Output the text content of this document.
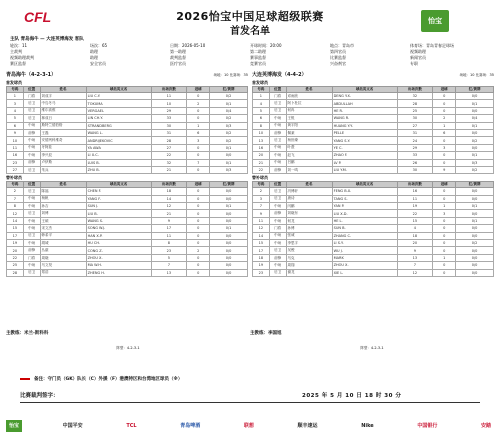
CFL	2026怡宝中国足球超级联赛
首发名单
怡宝
主队 青岛海牛 — 大连英博海发 客队
轮次：11	场次：65	日期：2026-05-10	开球时间：20:00	地点：青岛市	体育场：青岛青春足球场
主裁判	助理	第一助理	第二助理	第四官员	视频助理
视频助理裁判	助理	裁判监督	赛事监督	比赛监督	新闻官员
赛区监督	安全官员	医疗官员	竞赛官员	兴奋剂官	专职
青岛海牛（4-2-3-1）	场地：10 比赛场：35
首发球员
号码	位置	姓名	球员英文名	出场次数	进球	红/黄牌
1	门将	刘成宇	LIU C.Y.	11	0	0/2
3	后卫	中岛冬马	TOKUMA	10	2	0/1
4	后卫	维尔高维	VERGAEL	29	0	0/4
5	后卫	林成日	LIN CH.Y.	33	0	0/2
6	中场	斯特兰德伯格	STRANDBERG	30	1	0/3
9	前锋	王磊	WANG L.	31	6	0/2
10	中场	安德列科维奇	ANDRIJEKOVIC	28	3	0/2
11	中场	牙阿娃	YA AWA	27	0	0/1
16	中场	李兴辰	LI X.C.	22	0	0/0
23	前锋	卢伊斯	LUIS B.	32	7	0/1
27	后卫	朱兵	ZHU B.	21	0	0/3
替补球员
号码	位置	姓名	球员英文名	出场次数	进球	红/黄牌
2	后卫	陈福	CHEN F.	18	0	0/0
7	中场	杨帆	YANG F.	14	0	0/0
8	中场	孙吉	SUN J.	12	0	0/1
12	后卫	刘博	LIU B.	21	0	0/0
14	中场	王硕	WANG S.	9	0	0/0
15	中场	宋文杰	SONG W.J.	17	0	0/1
17	后卫	韩希平	HAN X.P.	11	0	0/0
19	中场	胡城	HU CH.	8	0	0/0
20	前锋	丛湛	CONG Z.	23	2	0/0
22	门将	周晓	ZHOU X.	5	0	0/0
25	中场	马文昊	MA W.H.	7	0	0/0
28	后卫	郑浩	ZHENG H.	13	0	0/0
大连英博海发（4-4-2）	场地：10 比赛场：35
首发球员
号码	位置	姓名	球员英文名	出场次数	进球	红/黄牌
1	门将	邓雨欣	DENG Y.X.	32	0	0/0
4	后卫	阿卜杜拉	ABDULLAH	28	0	0/1
5	后卫	何冉	HE R.	25	0	0/0
6	中场	王锐	WANG R.	30	2	0/4
8	中场	黄宇阳	HUANG Y.Y.	27	1	0/1
10	前锋	佩莱	PELLE	31	6	0/0
13	后卫	杨世缘	YANG S.Y.	24	0	0/2
16	中场	叶澄	YE C.	29	3	0/0
20	中场	赵飞	ZHAO F.	33	0	0/1
21	中场	吕鹏	LV P.	26	0	0/3
22	前锋	刘一鸣	LIU Y.M.	30	9	0/2
替补球员
号码	位置	姓名	球员英文名	出场次数	进球	红/黄牌
2	后卫	冯博轩	FENG B.X.	16	0	0/0
3	后卫	唐诗	TANG S.	11	0	0/0
7	中场	闫鹏	YAN P.	19	1	0/1
9	前锋	刘晓东	LIU X.D.	22	3	0/0
11	中场	何龙	HE L.	15	0	0/1
12	门将	孙博	SUN B.	4	0	0/0
14	中场	张诚	ZHANG C.	18	0	0/0
15	中场	李思宇	LI S.Y.	20	0	0/2
17	后卫	吴俊	WU J.	9	0	0/0
18	前锋	马克	MARK	13	1	0/0
19	中场	周翔	ZHOU X.	7	0	0/0
23	后卫	谢龙	XIE L.	12	0	0/0
主教练：米兰-斯科科	主教练：李国旭
阵型：4-2-3-1	阵型：4-2-3-1
备注：守门员（GK）队长（C）外援（F）港澳特区和台湾地区球员（※）
比赛裁判签字：	2025 年 5 月 10 日 18 时 30 分
怡宝	中国平安	TCL	青岛啤酒	联想	顺丰速运	Nike	中国银行	安踏
